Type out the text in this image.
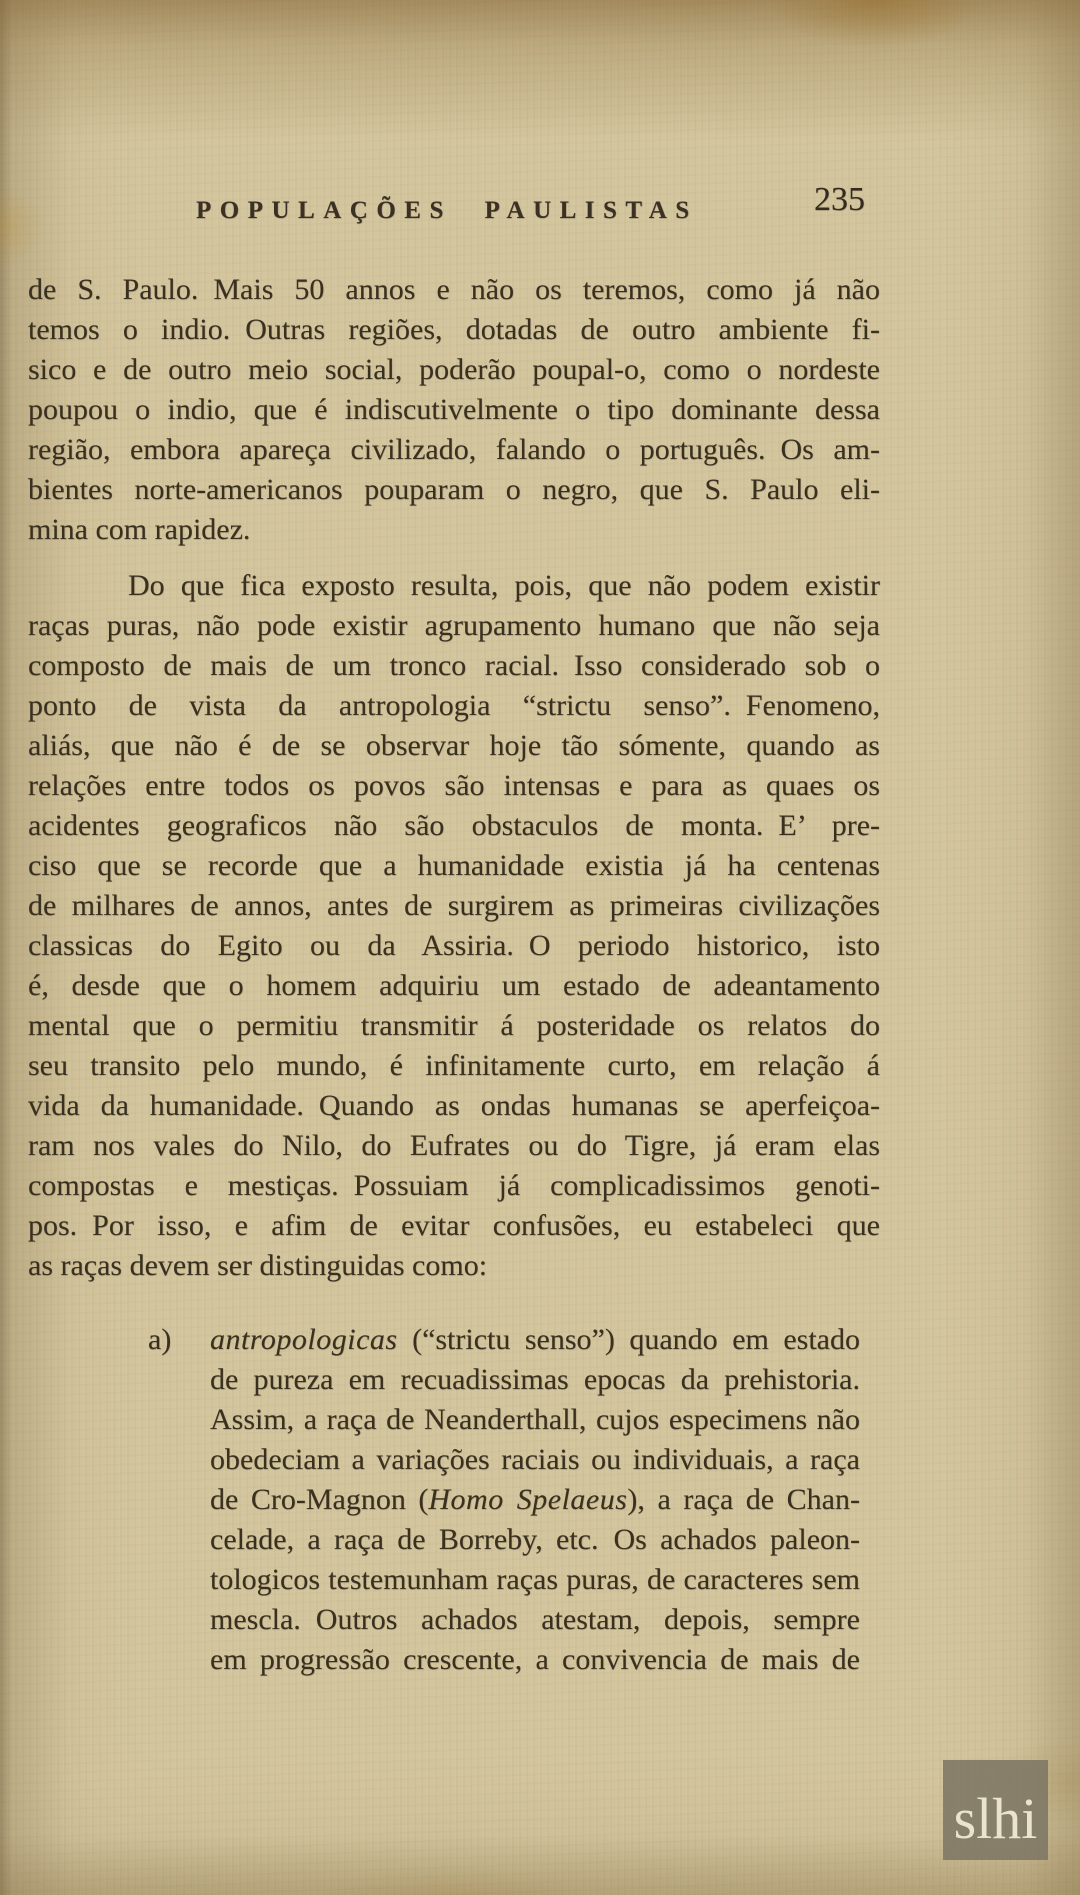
POPULAÇÕES PAULISTAS	235
de S. Paulo. Mais 50 annos e não os teremos, como já não
temos o indio. Outras regiões, dotadas de outro ambiente fi-
sico e de outro meio social, poderão poupal-o, como o nordeste
poupou o indio, que é indiscutivelmente o tipo dominante dessa
região, embora apareça civilizado, falando o português. Os am-
bientes norte-americanos pouparam o negro, que S. Paulo eli-
mina com rapidez.
Do que fica exposto resulta, pois, que não podem existir
raças puras, não pode existir agrupamento humano que não seja
composto de mais de um tronco racial. Isso considerado sob o
ponto de vista da antropologia “strictu senso”. Fenomeno,
aliás, que não é de se observar hoje tão sómente, quando as
relações entre todos os povos são intensas e para as quaes os
acidentes geograficos não são obstaculos de monta. E’ pre-
ciso que se recorde que a humanidade existia já ha centenas
de milhares de annos, antes de surgirem as primeiras civilizações
classicas do Egito ou da Assiria. O periodo historico, isto
é, desde que o homem adquiriu um estado de adeantamento
mental que o permitiu transmitir á posteridade os relatos do
seu transito pelo mundo, é infinitamente curto, em relação á
vida da humanidade. Quando as ondas humanas se aperfeiçoa-
ram nos vales do Nilo, do Eufrates ou do Tigre, já eram elas
compostas e mestiças. Possuiam já complicadissimos genoti-
pos. Por isso, e afim de evitar confusões, eu estabeleci que
as raças devem ser distinguidas como:
a) antropologicas (“strictu senso”) quando em estado
de pureza em recuadissimas epocas da prehistoria.
Assim, a raça de Neanderthall, cujos especimens não
obedeciam a variações raciais ou individuais, a raça
de Cro-Magnon (Homo Spelaeus), a raça de Chan-
celade, a raça de Borreby, etc. Os achados paleon-
tologicos testemunham raças puras, de caracteres sem
mescla. Outros achados atestam, depois, sempre
em progressão crescente, a convivencia de mais de
slhi
